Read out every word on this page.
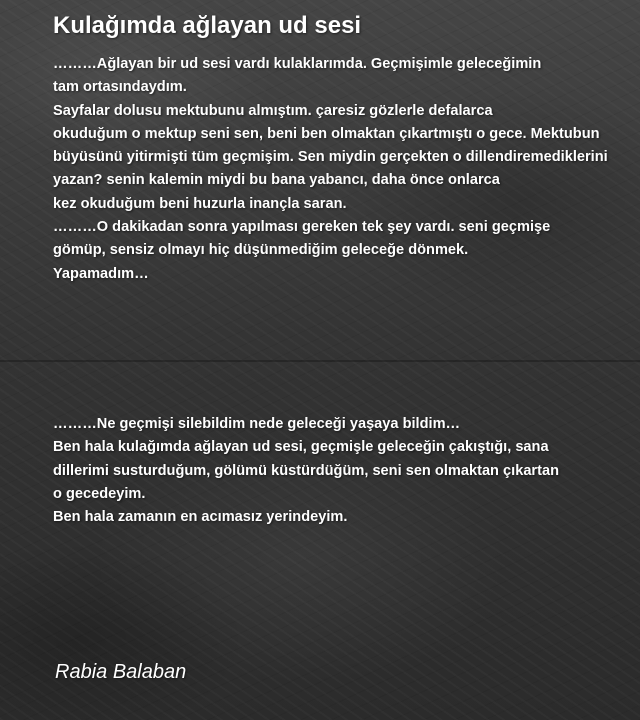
Kulağımda ağlayan ud sesi

………Ağlayan bir ud sesi vardı kulaklarımda. Geçmişimle geleceğimin
tam ortasındaydım.
Sayfalar dolusu mektubunu almıştım. çaresiz gözlerle defalarca
okuduğum o mektup seni sen, beni ben olmaktan çıkartmıştı o gece. Mektubun
büyüsünü yitirmişti tüm geçmişim. Sen miydin gerçekten o dillendiremediklerini
yazan? senin kalemin miydi bu bana yabancı, daha önce onlarca
kez okuduğum beni huzurla inançla saran.
………O dakikadan sonra yapılması gereken tek şey vardı. seni geçmişe
gömüp, sensiz olmayı hiç düşünmediğim geleceğe dönmek.
Yapamadım…

………Ne geçmişi silebildim nede geleceği yaşaya bildim…
Ben hala kulağımda ağlayan ud sesi, geçmişle geleceğin çakıştığı, sana
dillerimi susturduğum, gölümü küstürdüğüm, seni sen olmaktan çıkartan
o gecedeyim.
Ben hala zamanın en acımasız yerindeyim.

Rabia Balaban
